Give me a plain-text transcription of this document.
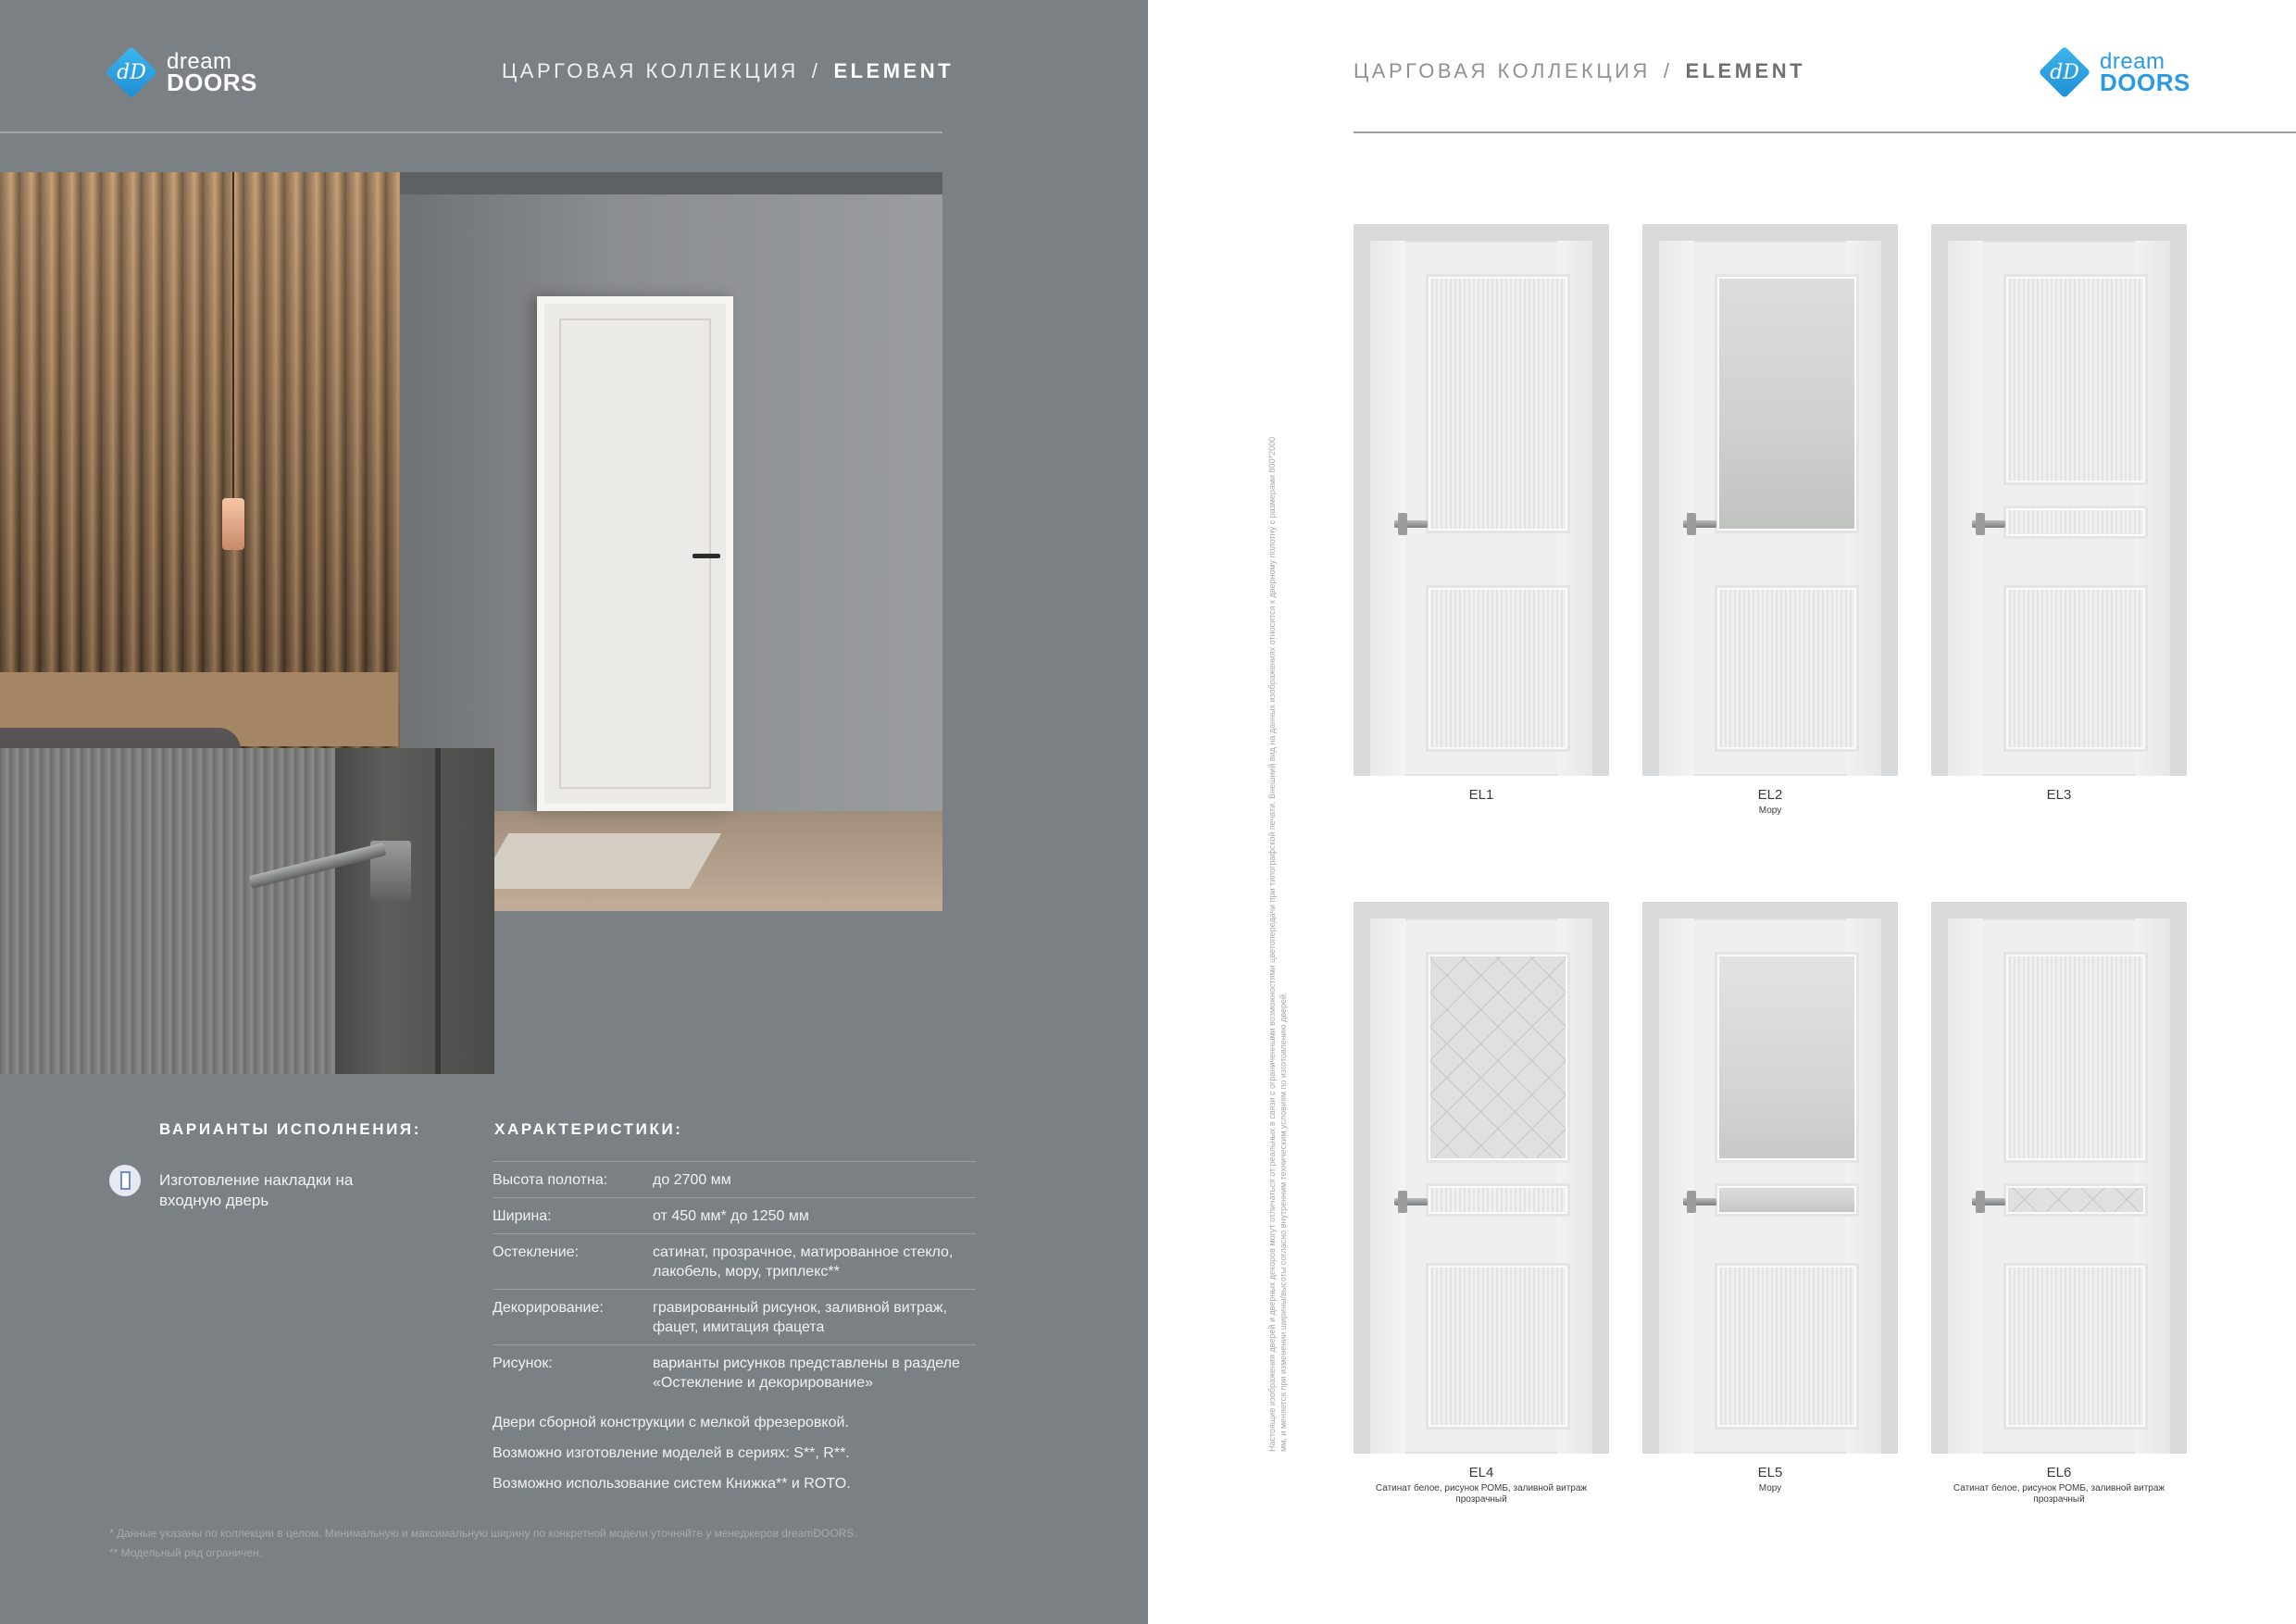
dD dream
DOORS	ЦАРГОВАЯ КОЛЛЕКЦИЯ / ELEMENT
ВАРИАНТЫ ИСПОЛНЕНИЯ:
Изготовление накладки на входную дверь
ХАРАКТЕРИСТИКИ:
Высота полотна:	до 2700 мм
Ширина:	от 450 мм* до 1250 мм
Остекление:	сатинат, прозрачное, матированное стекло, лакобель, мору, триплекс**
Декорирование:	гравированный рисунок, заливной витраж, фацет, имитация фацета
Рисунок:	варианты рисунков представлены в разделе «Остекление и декорирование»

Двери сборной конструкции с мелкой фрезеровкой.

Возможно изготовление моделей в сериях: S**, R**.

Возможно использование систем Книжка** и ROTO.

* Данные указаны по коллекции в целом. Минимальную и максимальную ширину по конкретной модели уточняйте у менеджеров dreamDOORS.

** Модельный ряд ограничен.

ЦАРГОВАЯ КОЛЛЕКЦИЯ / ELEMENT	dD dream
DOORS
Настоящие изображения дверей и дверных декоров могут отличаться от реальных в связи с ограниченными возможностями цветопередачи при типографской печати. Внешний вид на данных изображениях относится к дверному полотну с размерами 800*2000 мм, и меняется при изменении ширины/высоты согласно внутренним техническим условиям по изготовлению дверей.
EL1	EL2
Мору
EL3
EL4
Сатинат белое, рисунок РОМБ, заливной витраж прозрачный
EL5
Мору
EL6
Сатинат белое, рисунок РОМБ, заливной витраж прозрачный
